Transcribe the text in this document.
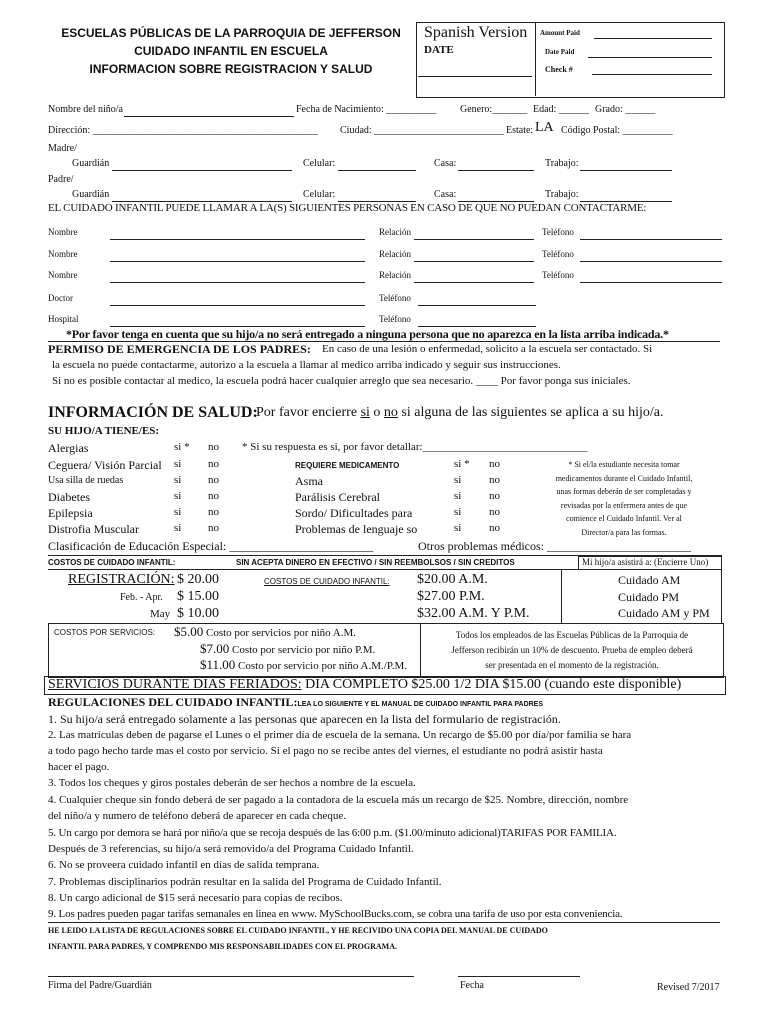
ESCUELAS PÚBLICAS DE LA PARROQUIA DE JEFFERSON
CUIDADO INFANTIL EN ESCUELA
INFORMACION SOBRE REGISTRACION Y SALUD
Spanish Version
DATE
Amount Paid
Date Paid
Check #
Nombre del niño/a	Fecha de Nacimiento: __________ Genero:_______ Edad: ______ Grado: ______
Dirección: _____________________________________________ Ciudad: __________________________ Estate: LA Código Postal: __________
Madre/
Guardián	Celular:	Casa:	Trabajo:
Padre/
Guardián	Celular:	Casa:	Trabajo:
EL CUIDADO INFANTIL PUEDE LLAMAR A LA(S) SIGUIENTES PERSONAS EN CASO DE QUE NO PUEDAN CONTACTARME:
Nombre	Relación	Teléfono
Nombre	Relación	Teléfono
Nombre	Relación	Teléfono
Doctor	Teléfono
Hospital	Teléfono
*Por favor tenga en cuenta que su hijo/a no será entregado a ninguna persona que no aparezca en la lista arriba indicada.*
PERMISO DE EMERGENCIA DE LOS PADRES: En caso de una lesión o enfermedad, solicito a la escuela ser contactado. Si
la escuela no puede contactarme, autorizo a la escuela a llamar al medico arriba indicado y seguir sus instrucciones.
Si no es posible contactar al medico, la escuela podrá hacer cualquier arreglo que sea necesario. ____ Por favor ponga sus iniciales.
INFORMACIÓN DE SALUD:
Por favor encierre si o no si alguna de las siguientes se aplica a su hijo/a.
SU HIJO/A TIENE/ES:
* Si su respuesta es si, por favor detallar:______________________________
Alergias	si * no
Ceguera/ Visión Parcial si no
Usa silla de ruedas	si no
Diabetes	si no
Epilepsia	si no
Distrofia Muscular	si no
REQUIERE MEDICAMENTO	si * no
Asma	si	no
Parálisis Cerebral	si	no
Sordo/ Dificultades para	si	no
Problemas de lenguaje so	si	no
* Si el/la estudiante necesita tomar
medicamentos durante el Cuidado Infantil,
unas formas deberán de ser completadas y
revisadas por la enfermera antes de que
comience el Cuidado Infantil. Ver al
Director/a para las formas.
Clasificación de Educación Especial: ________________________	Otros problemas médicos: ________________________
COSTOS DE CUIDADO INFANTIL:	SIN ACEPTA DINERO EN EFECTIVO / SIN REEMBOLSOS / SIN CREDITOS	Mi hijo/a asistirá a: (Encierre Uno)
REGISTRACIÓN: $ 20.00
Feb. - Apr. $ 15.00
May $ 10.00
COSTOS DE CUIDADO INFANTIL: $20.00 A.M.
$27.00 P.M.
$32.00 A.M. Y P.M.
Cuidado AM
Cuidado PM
Cuidado AM y PM
COSTOS POR SERVICIOS: $5.00 Costo por servicios por niño A.M.
$7.00 Costo por servicio por niño P.M.
$11.00 Costo por servicio por niño A.M./P.M.
Todos los empleados de las Escuelas Públicas de la Parroquia de
Jefferson recibirán un 10% de descuento. Prueba de empleo deberá
ser presentada en el momento de la registración.
SERVICIOS DURANTE DIAS FERIADOS: DIA COMPLETO $25.00 1/2 DIA $15.00 (cuando este disponible)
REGULACIONES DEL CUIDADO INFANTIL:LEA LO SIGUIENTE Y EL MANUAL DE CUIDADO INFANTIL PARA PADRES
1. Su hijo/a será entregado solamente a las personas que aparecen en la lista del formulario de registración.
2. Las matrículas deben de pagarse el Lunes o el primer día de escuela de la semana. Un recargo de $5.00 por día/por familia se hara
a todo pago hecho tarde mas el costo por servicio. Si el pago no se recibe antes del viernes, el estudiante no podrá asistir hasta
hacer el pago.
3. Todos los cheques y giros postales deberán de ser hechos a nombre de la escuela.
4. Cualquier cheque sin fondo deberá de ser pagado a la contadora de la escuela más un recargo de $25. Nombre, dirección, nombre
del niño/a y numero de teléfono deberá de aparecer en cada cheque.
5. Un cargo por demora se hará por niño/a que se recoja después de las 6:00 p.m. ($1.00/minuto adicional)TARIFAS POR FAMILIA.
Después de 3 referencias, su hijo/a será removido/a del Programa Cuidado Infantil.
6. No se proveera cuidado infantil en días de salida temprana.
7. Problemas disciplinarios podrán resultar en la salida del Programa de Cuidado Infantil.
8. Un cargo adicional de $15 será necesario para copias de recibos.
9. Los padres pueden pagar tarifas semanales en linea en www. MySchoolBucks.com, se cobra una tarifa de uso por esta conveniencia.
HE LEIDO LA LISTA DE REGULACIONES SOBRE EL CUIDADO INFANTIL, Y HE RECIVIDO UNA COPIA DEL MANUAL DE CUIDADO
INFANTIL PARA PADRES, Y COMPRENDO MIS RESPONSABILIDADES CON EL PROGRAMA.
Firma del Padre/Guardián	Fecha	Revised 7/2017
